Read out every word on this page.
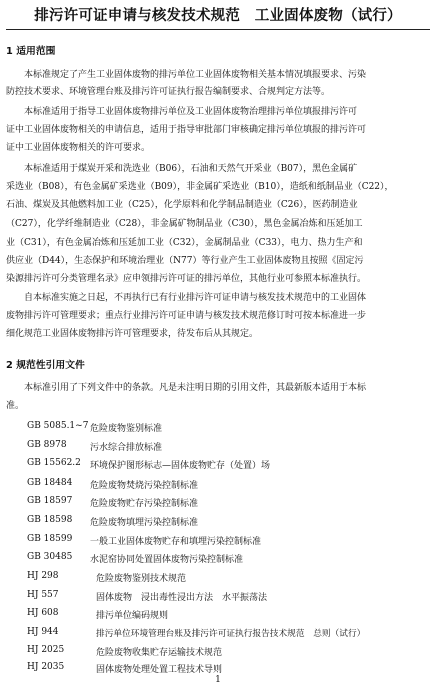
排污许可证申请与核发技术规范　工业固体废物（试行）
1 适用范围
　　本标准规定了产生工业固体废物的排污单位工业固体废物相关基本情况填报要求、污染
防控技术要求、环境管理台账及排污许可证执行报告编制要求、合规判定方法等。
　　本标准适用于指导工业固体废物排污单位及工业固体废物治理排污单位填报排污许可
证中工业固体废物相关的申请信息，适用于指导审批部门审核确定排污单位填报的排污许可
证中工业固体废物相关的许可要求。
　　本标准适用于煤炭开采和洗选业（B06），石油和天然气开采业（B07），黑色金属矿
采选业（B08），有色金属矿采选业（B09），非金属矿采选业（B10），造纸和纸制品业（C22），
石油、煤炭及其他燃料加工业（C25），化学原料和化学制品制造业（C26），医药制造业
（C27），化学纤维制造业（C28），非金属矿物制品业（C30），黑色金属冶炼和压延加工
业（C31），有色金属冶炼和压延加工业（C32），金属制品业（C33），电力、热力生产和
供应业（D44），生态保护和环境治理业（N77）等行业产生工业固体废物且按照《固定污
染源排污许可分类管理名录》应申领排污许可证的排污单位，其他行业可参照本标准执行。
　　自本标准实施之日起，不再执行已有行业排污许可证申请与核发技术规范中的工业固体
废物排污许可管理要求；重点行业排污许可证申请与核发技术规范修订时可按本标准进一步
细化规范工业固体废物排污许可管理要求，待发布后从其规定。
2 规范性引用文件
　　本标准引用了下列文件中的条款。凡是未注明日期的引用文件，其最新版本适用于本标
准。
GB 5085.1~7 危险废物鉴别标准
GB 8978	污水综合排放标准
GB 15562.2 环境保护图形标志—固体废物贮存（处置）场
GB 18484 危险废物焚烧污染控制标准
GB 18597 危险废物贮存污染控制标准
GB 18598 危险废物填埋污染控制标准
GB 18599 一般工业固体废物贮存和填埋污染控制标准
GB 30485 水泥窑协同处置固体废物污染控制标准
HJ 298	危险废物鉴别技术规范
HJ 557	固体废物　浸出毒性浸出方法　水平振荡法
HJ 608	排污单位编码规则
HJ 944	排污单位环境管理台账及排污许可证执行报告技术规范　总则（试行）
HJ 2025	危险废物收集贮存运输技术规范
HJ 2035	固体废物处理处置工程技术导则
1
